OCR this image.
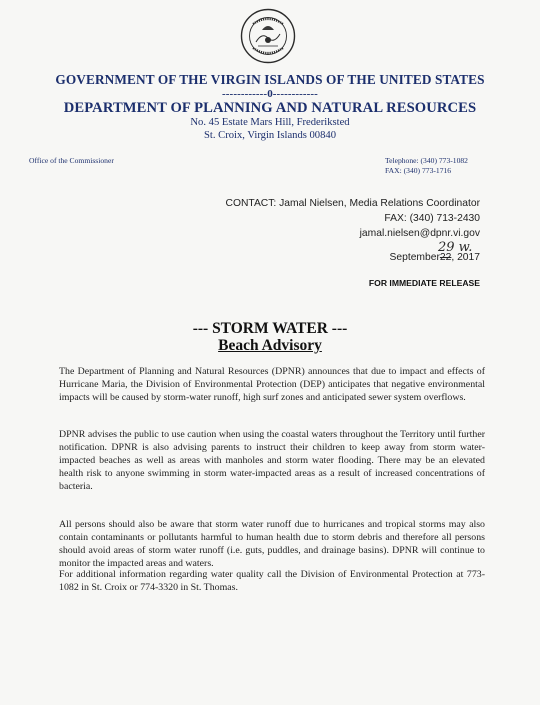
GOVERNMENT OF THE VIRGIN ISLANDS OF THE UNITED STATES
------------0------------
DEPARTMENT OF PLANNING AND NATURAL RESOURCES
No. 45 Estate Mars Hill, Frederiksted
St. Croix, Virgin Islands 00840
Office of the Commissioner	Telephone: (340) 773-1082
FAX: (340) 773-1716
CONTACT: Jamal Nielsen, Media Relations Coordinator
FAX: (340) 713-2430
jamal.nielsen@dpnr.vi.gov
29 w.
September22, 2017
FOR IMMEDIATE RELEASE
--- STORM WATER ---
Beach Advisory

The Department of Planning and Natural Resources (DPNR) announces that due to impact and effects of Hurricane Maria, the Division of Environmental Protection (DEP) anticipates that negative environmental impacts will be caused by storm-water runoff, high surf zones and anticipated sewer system overflows.

DPNR advises the public to use caution when using the coastal waters throughout the Territory until further notification. DPNR is also advising parents to instruct their children to keep away from storm water-impacted beaches as well as areas with manholes and storm water flooding. There may be an elevated health risk to anyone swimming in storm water-impacted areas as a result of increased concentrations of bacteria.

All persons should also be aware that storm water runoff due to hurricanes and tropical storms may also contain contaminants or pollutants harmful to human health due to storm debris and therefore all persons should avoid areas of storm water runoff (i.e. guts, puddles, and drainage basins). DPNR will continue to monitor the impacted areas and waters.

For additional information regarding water quality call the Division of Environmental Protection at 773-1082 in St. Croix or 774-3320 in St. Thomas.
